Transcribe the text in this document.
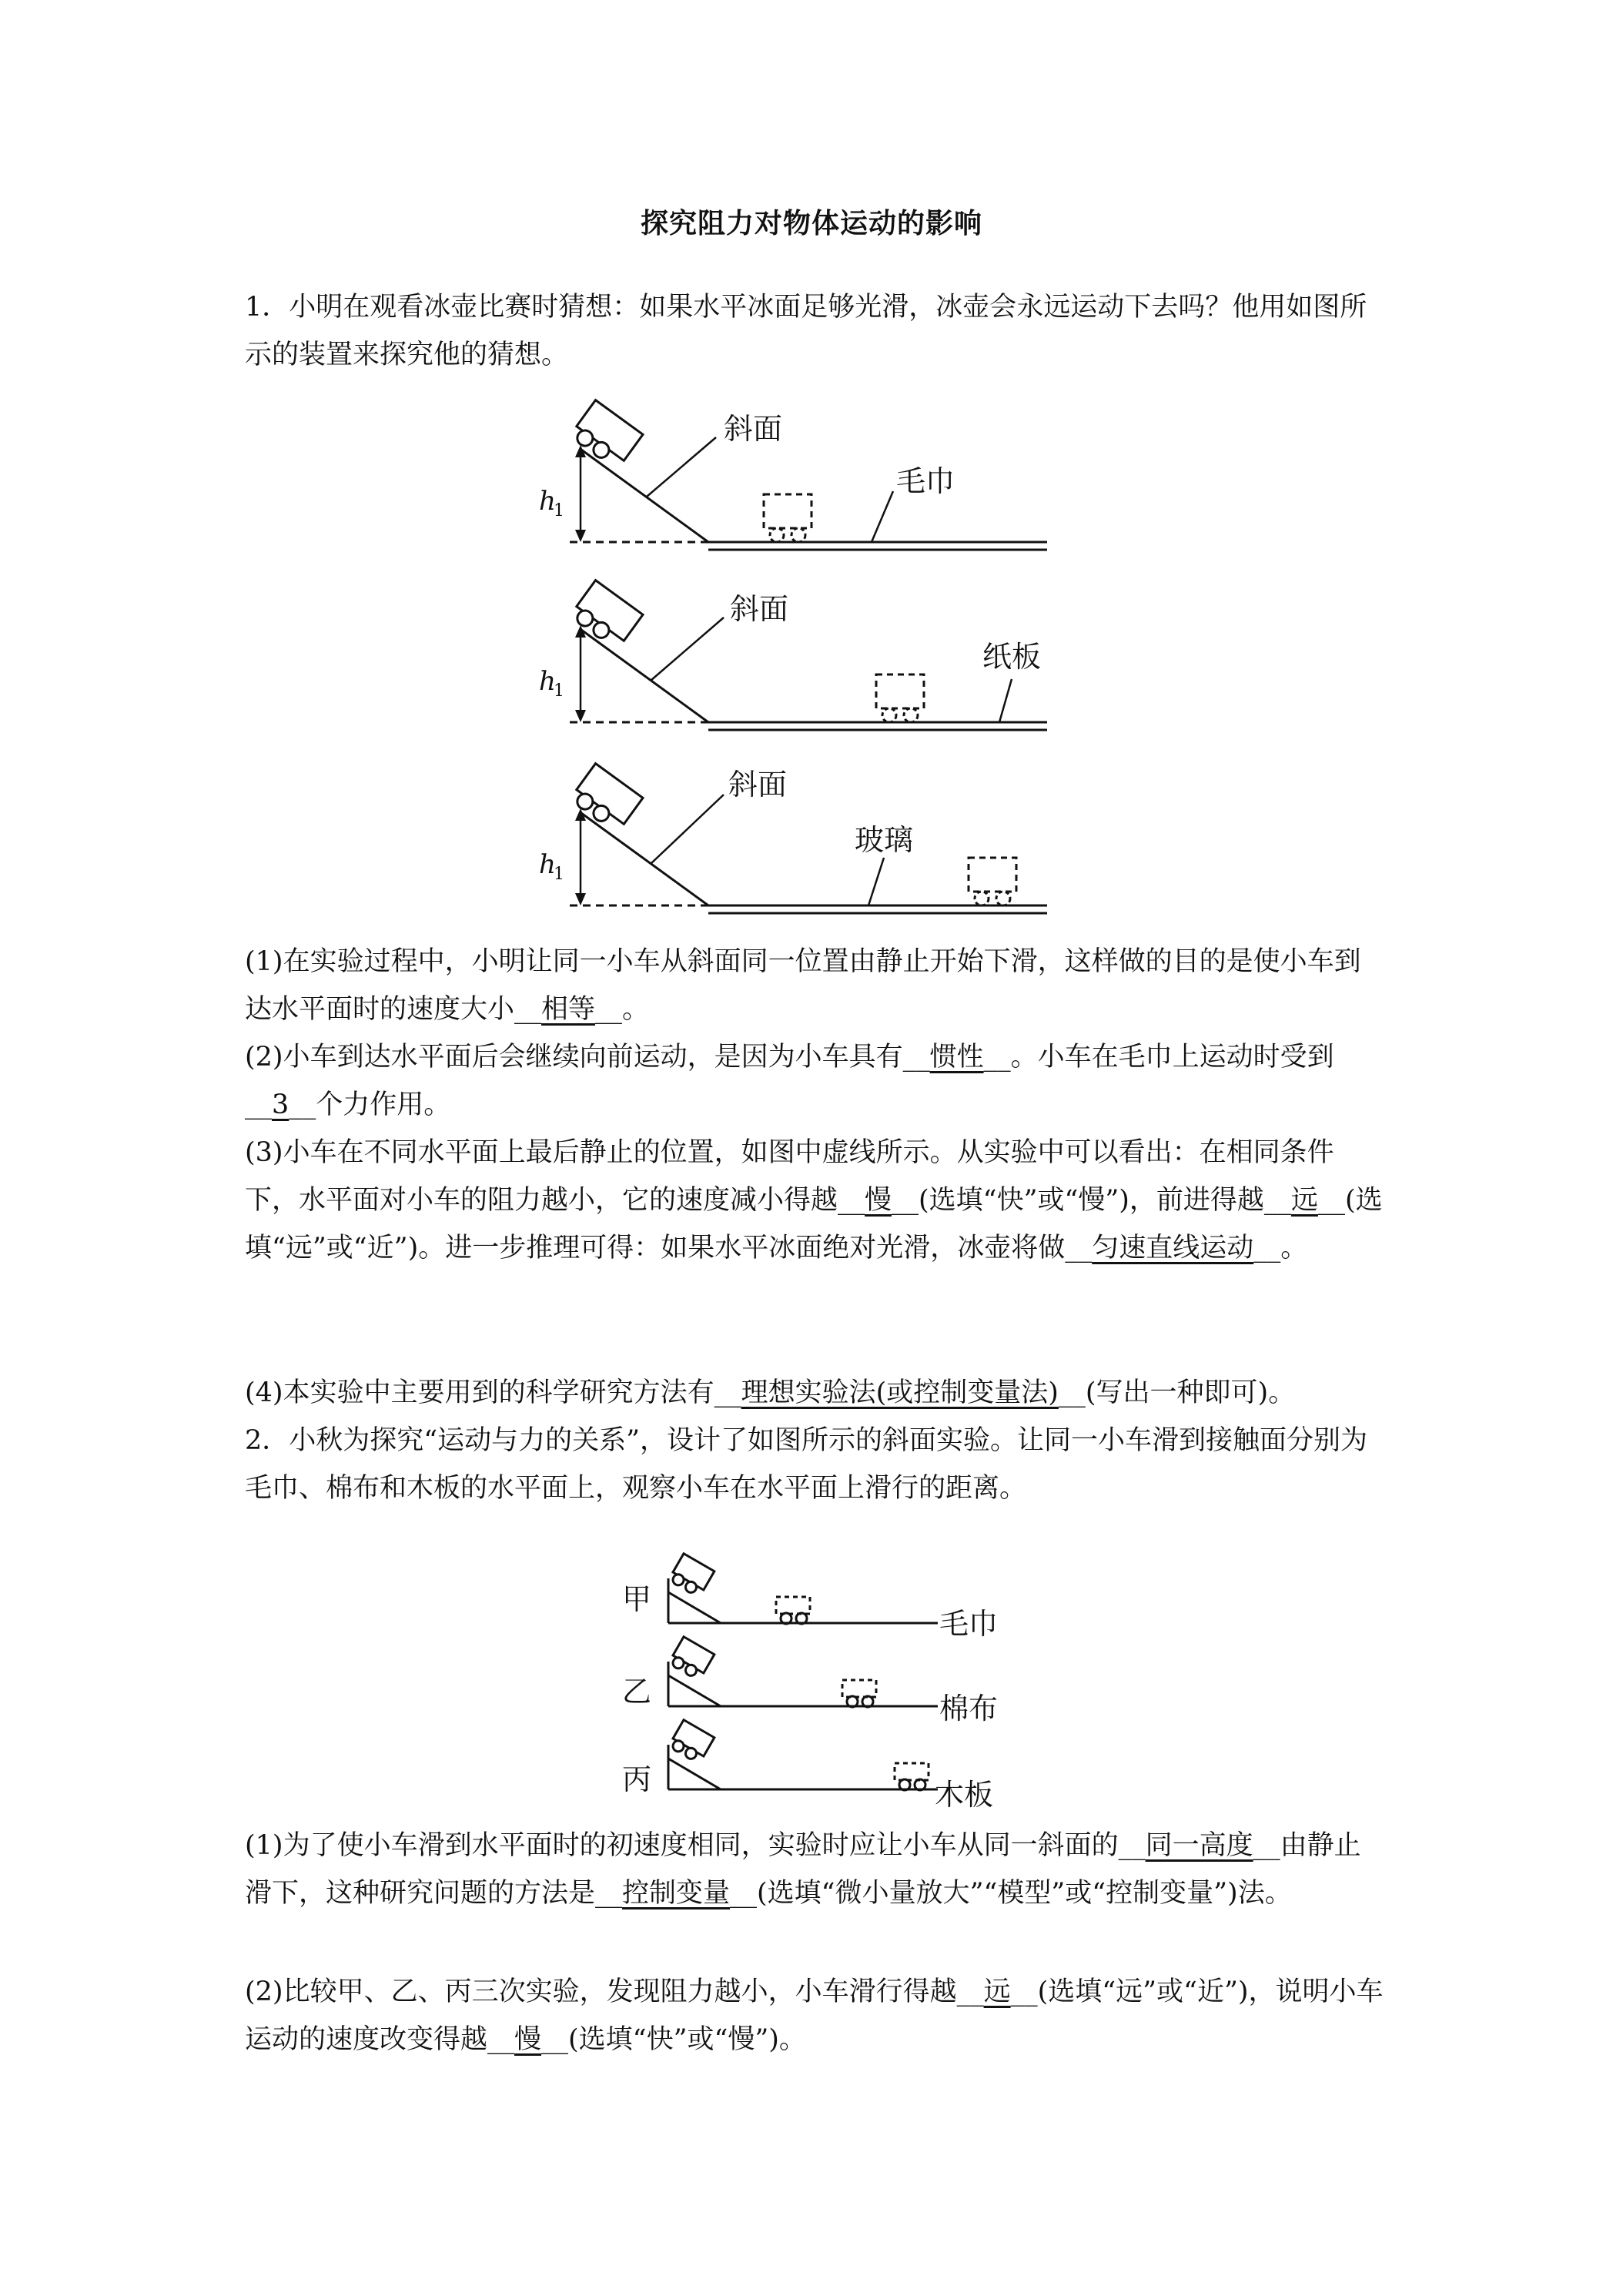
探究阻力对物体运动的影响
1．小明在观看冰壶比赛时猜想：如果水平冰面足够光滑，冰壶会永远运动下去吗？他用如图所示的装置来探究他的猜想。
斜面
毛巾
h
1
斜面
纸板
h
1
斜面
玻璃
h
1
(1)在实验过程中，小明让同一小车从斜面同一位置由静止开始下滑，这样做的目的是使小车到达水平面时的速度大小__相等__。
(2)小车到达水平面后会继续向前运动，是因为小车具有__惯性__。小车在毛巾上运动时受到__3__个力作用。
(3)小车在不同水平面上最后静止的位置，如图中虚线所示。从实验中可以看出：在相同条件下，水平面对小车的阻力越小，它的速度减小得越__慢__(选填“快”或“慢”)，前进得越__远__(选填“远”或“近”)。进一步推理可得：如果水平冰面绝对光滑，冰壶将做__匀速直线运动__。
(4)本实验中主要用到的科学研究方法有__理想实验法(或控制变量法)__(写出一种即可)。
2．小秋为探究“运动与力的关系”，设计了如图所示的斜面实验。让同一小车滑到接触面分别为毛巾、棉布和木板的水平面上，观察小车在水平面上滑行的距离。
甲
毛巾
乙	棉布
丙	木板
(1)为了使小车滑到水平面时的初速度相同，实验时应让小车从同一斜面的__同一高度__由静止滑下，这种研究问题的方法是__控制变量__(选填“微小量放大”“模型”或“控制变量”)法。
(2)比较甲、乙、丙三次实验，发现阻力越小，小车滑行得越__远__(选填“远”或“近”)，说明小车运动的速度改变得越__慢__(选填“快”或“慢”)。
